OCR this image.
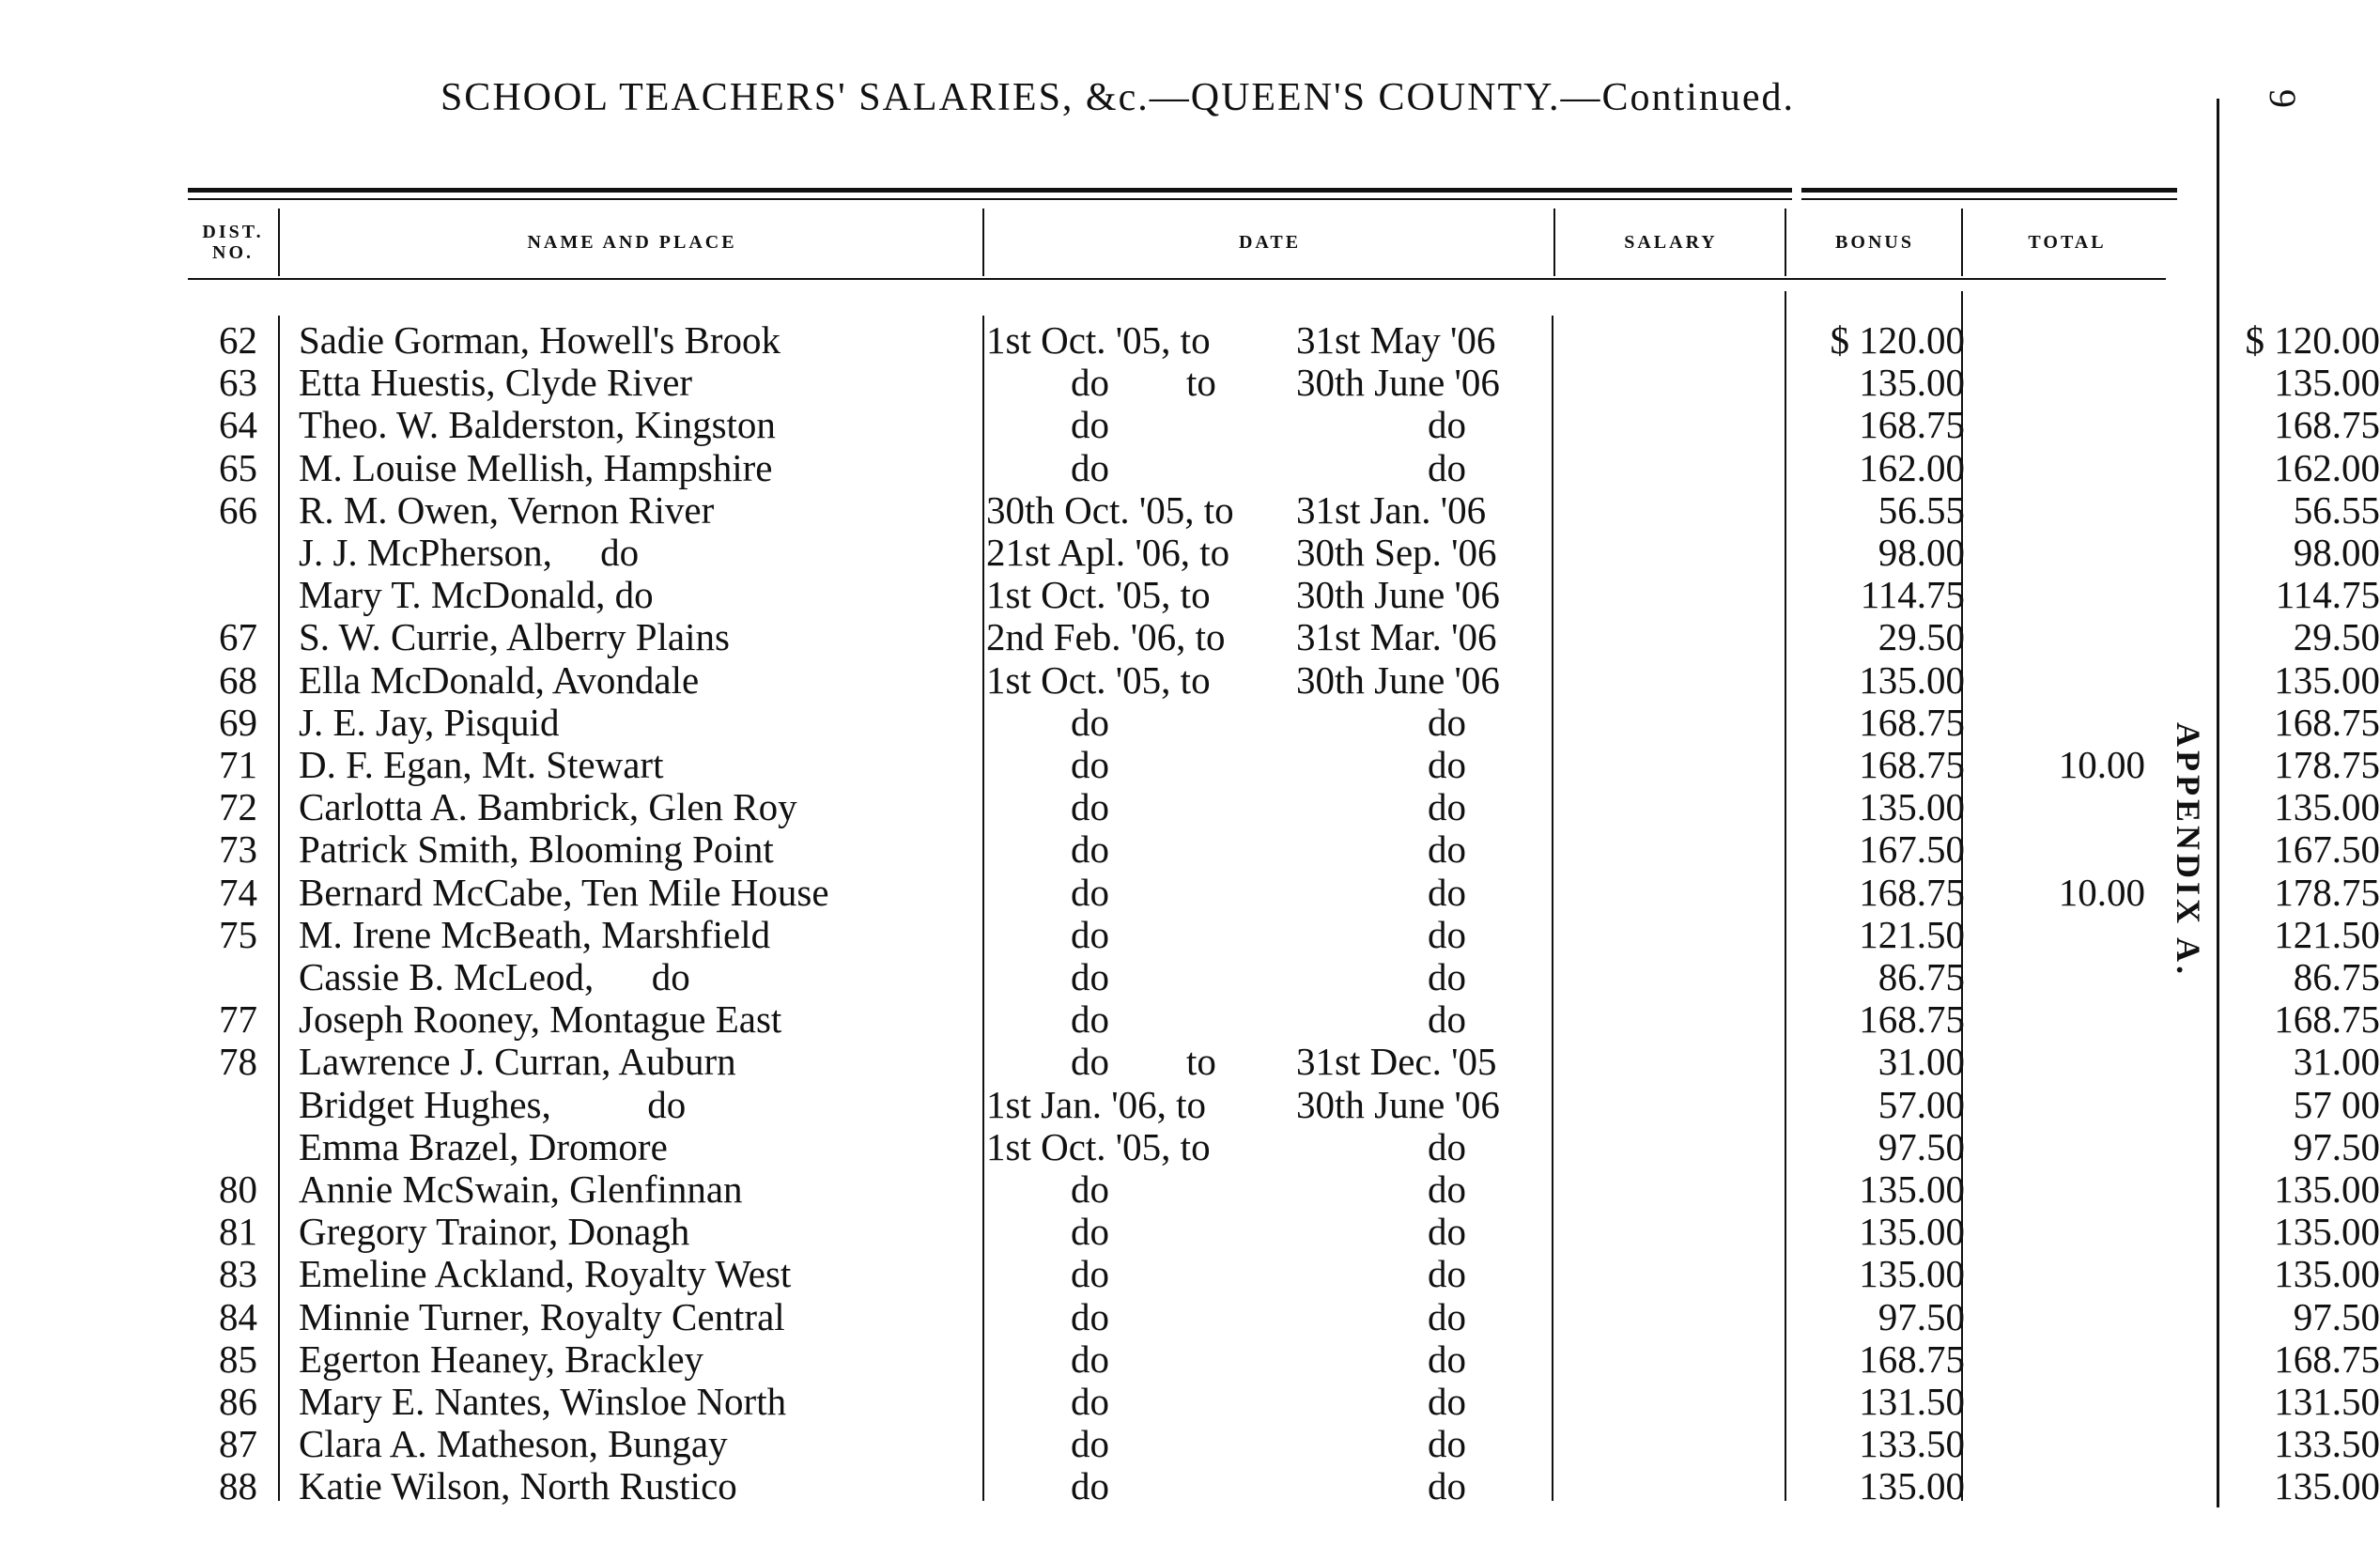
SCHOOL TEACHERS' SALARIES, &c.—QUEEN'S COUNTY.—Continued.	9
APPENDIX A.
DIST. NO.	NAME AND PLACE	DATE	SALARY	BONUS	TOTAL
62 Sadie Gorman, Howell's Brook	1st Oct. '05, to	31st May '06	$ 120.00	$ 120.00
63 Etta Huestis, Clyde River	do        to	30th June '06	135.00	135.00
64 Theo. W. Balderston, Kingston	do	do	168.75	168.75
65 M. Louise Mellish, Hampshire	do	do	162.00	162.00
66 R. M. Owen, Vernon River	30th Oct. '05, to	31st Jan. '06	56.55	56.55
J. J. McPherson,     do	21st Apl. '06, to	30th Sep. '06	98.00	98.00
Mary T. McDonald, do	1st Oct. '05, to	30th June '06	114.75	114.75
67 S. W. Currie, Alberry Plains	2nd Feb. '06, to	31st Mar. '06	29.50	29.50
68 Ella McDonald, Avondale	1st Oct. '05, to	30th June '06	135.00	135.00
69 J. E. Jay, Pisquid	do	do	168.75	168.75
71 D. F. Egan, Mt. Stewart	do	do	168.75	10.00	178.75
72 Carlotta A. Bambrick, Glen Roy	do	do	135.00	135.00
73 Patrick Smith, Blooming Point	do	do	167.50	167.50
74 Bernard McCabe, Ten Mile House	do	do	168.75	10.00	178.75
75 M. Irene McBeath, Marshfield	do	do	121.50	121.50
Cassie B. McLeod,      do	do	do	86.75	86.75
77 Joseph Rooney, Montague East	do	do	168.75	168.75
78 Lawrence J. Curran, Auburn	do        to	31st Dec. '05	31.00	31.00
Bridget Hughes,          do	1st Jan. '06, to	30th June '06	57.00	57 00
Emma Brazel, Dromore	1st Oct. '05, to	do	97.50	97.50
80 Annie McSwain, Glenfinnan	do	do	135.00	135.00
81 Gregory Trainor, Donagh	do	do	135.00	135.00
83 Emeline Ackland, Royalty West	do	do	135.00	135.00
84 Minnie Turner, Royalty Central	do	do	97.50	97.50
85 Egerton Heaney, Brackley	do	do	168.75	168.75
86 Mary E. Nantes, Winsloe North	do	do	131.50	131.50
87 Clara A. Matheson, Bungay	do	do	133.50	133.50
88 Katie Wilson, North Rustico	do	do	135.00	135.00
